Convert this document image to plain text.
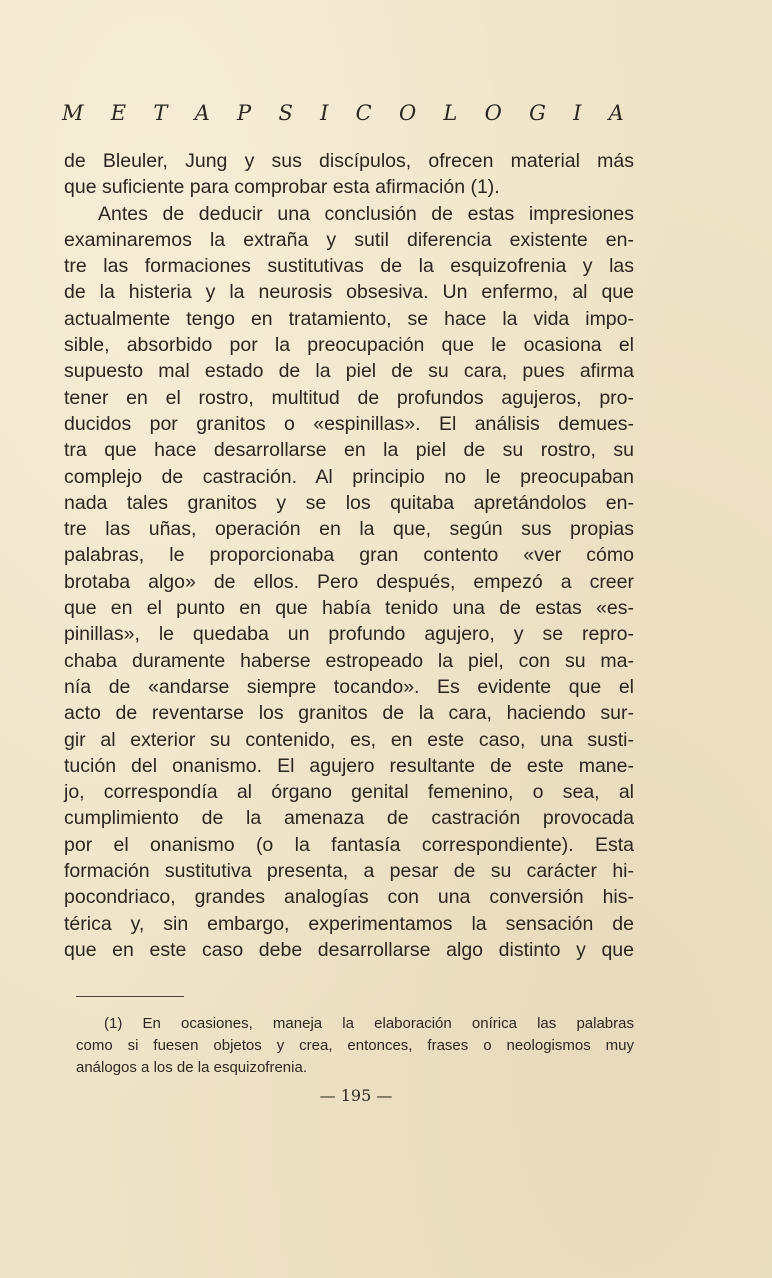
M E T A P S I C O L O G I A
de Bleuler, Jung y sus discípulos, ofrecen material más
que suficiente para comprobar esta afirmación (1).
Antes de deducir una conclusión de estas impresiones
examinaremos la extraña y sutil diferencia existente en-
tre las formaciones sustitutivas de la esquizofrenia y las
de la histeria y la neurosis obsesiva. Un enfermo, al que
actualmente tengo en tratamiento, se hace la vida impo-
sible, absorbido por la preocupación que le ocasiona el
supuesto mal estado de la piel de su cara, pues afirma
tener en el rostro, multitud de profundos agujeros, pro-
ducidos por granitos o «espinillas». El análisis demues-
tra que hace desarrollarse en la piel de su rostro, su
complejo de castración. Al principio no le preocupaban
nada tales granitos y se los quitaba apretándolos en-
tre las uñas, operación en la que, según sus propias
palabras, le proporcionaba gran contento «ver cómo
brotaba algo» de ellos. Pero después, empezó a creer
que en el punto en que había tenido una de estas «es-
pinillas», le quedaba un profundo agujero, y se repro-
chaba duramente haberse estropeado la piel, con su ma-
nía de «andarse siempre tocando». Es evidente que el
acto de reventarse los granitos de la cara, haciendo sur-
gir al exterior su contenido, es, en este caso, una susti-
tución del onanismo. El agujero resultante de este mane-
jo, correspondía al órgano genital femenino, o sea, al
cumplimiento de la amenaza de castración provocada
por el onanismo (o la fantasía correspondiente). Esta
formación sustitutiva presenta, a pesar de su carácter hi-
pocondriaco, grandes analogías con una conversión his-
térica y, sin embargo, experimentamos la sensación de
que en este caso debe desarrollarse algo distinto y que
(1) En ocasiones, maneja la elaboración onírica las palabras
como si fuesen objetos y crea, entonces, frases o neologismos muy
análogos a los de la esquizofrenia.
— 195 —
